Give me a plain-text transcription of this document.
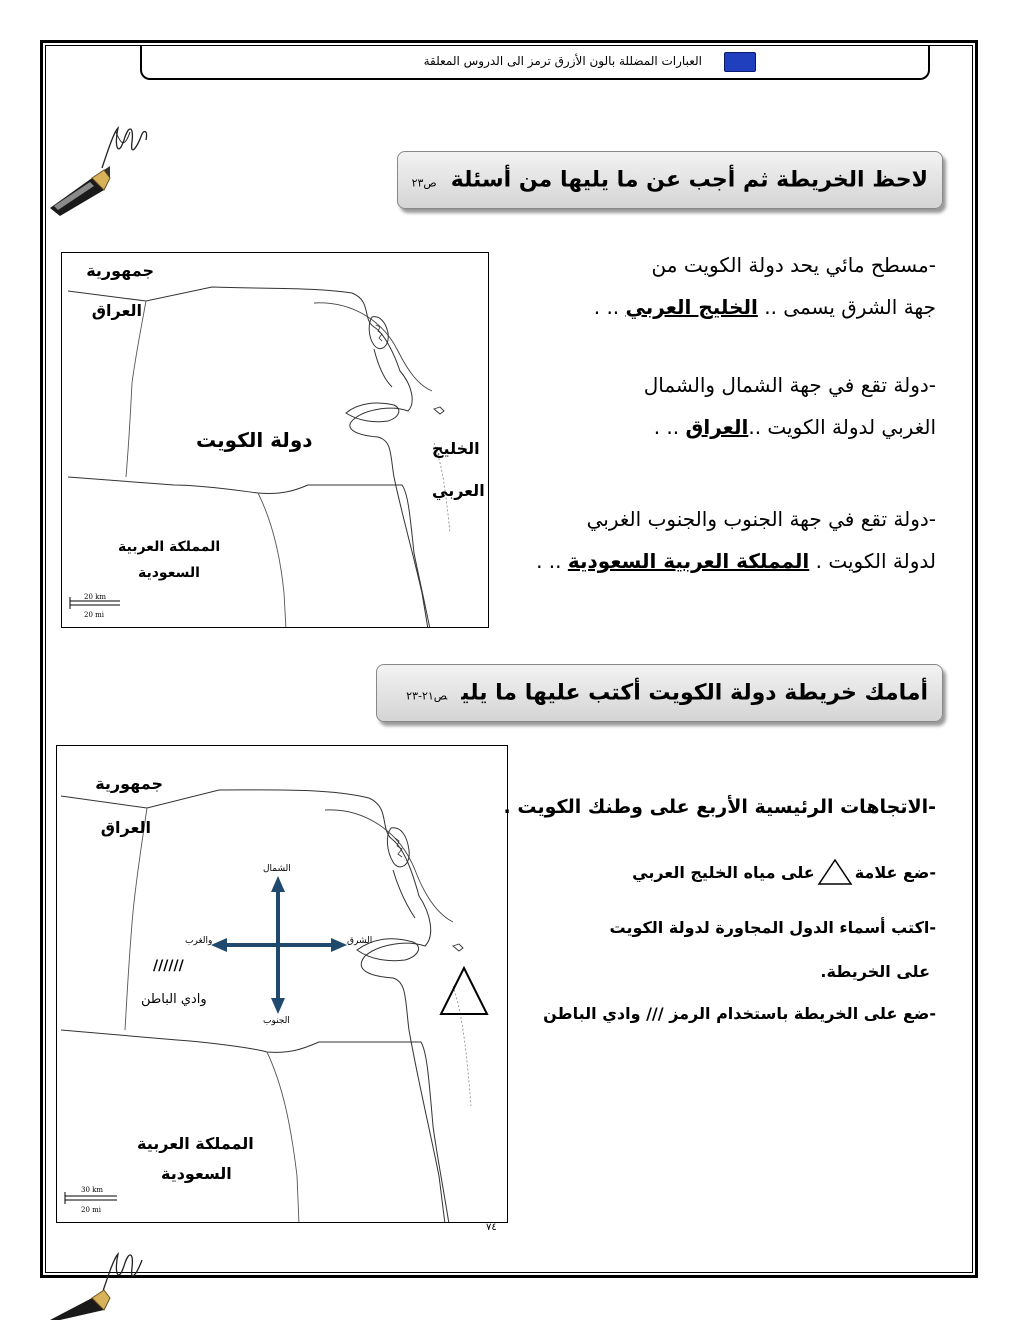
العبارات المضللة بالون الأزرق ترمز الى الدروس المعلقة
لاحظ الخريطة ثم أجب عن ما يليها من أسئلةص٢٣
جمهورية
العراق
دولة الكويت	الخليج
العربي
المملكة العربية
السعودية
20 km
20 mi
-مسطح مائي يحد دولة الكويت من
جهة الشرق يسمى .. الخليج العربي .. .
-دولة تقع في جهة الشمال والشمال
الغربي لدولة الكويت ..العراق .. .
-دولة تقع في جهة الجنوب والجنوب الغربي
لدولة الكويت . المملكة العربية السعودية .. .
أمامك خريطة دولة الكويت أكتب عليها ما يليص٢١-٢٣
جمهورية
العراق
الشمال
الجنوب
الشرق
والغرب
//////
وادي الباطن
المملكة العربية
السعودية
30 km
20 mi
٧٤
-الاتجاهات الرئيسية الأربع على وطنك الكويت .
-ضع علامة
على مياه الخليج العربي
-اكتب أسماء الدول المجاورة لدولة الكويت
على الخريطة.
-ضع على الخريطة باستخدام الرمز /// وادي الباطن
